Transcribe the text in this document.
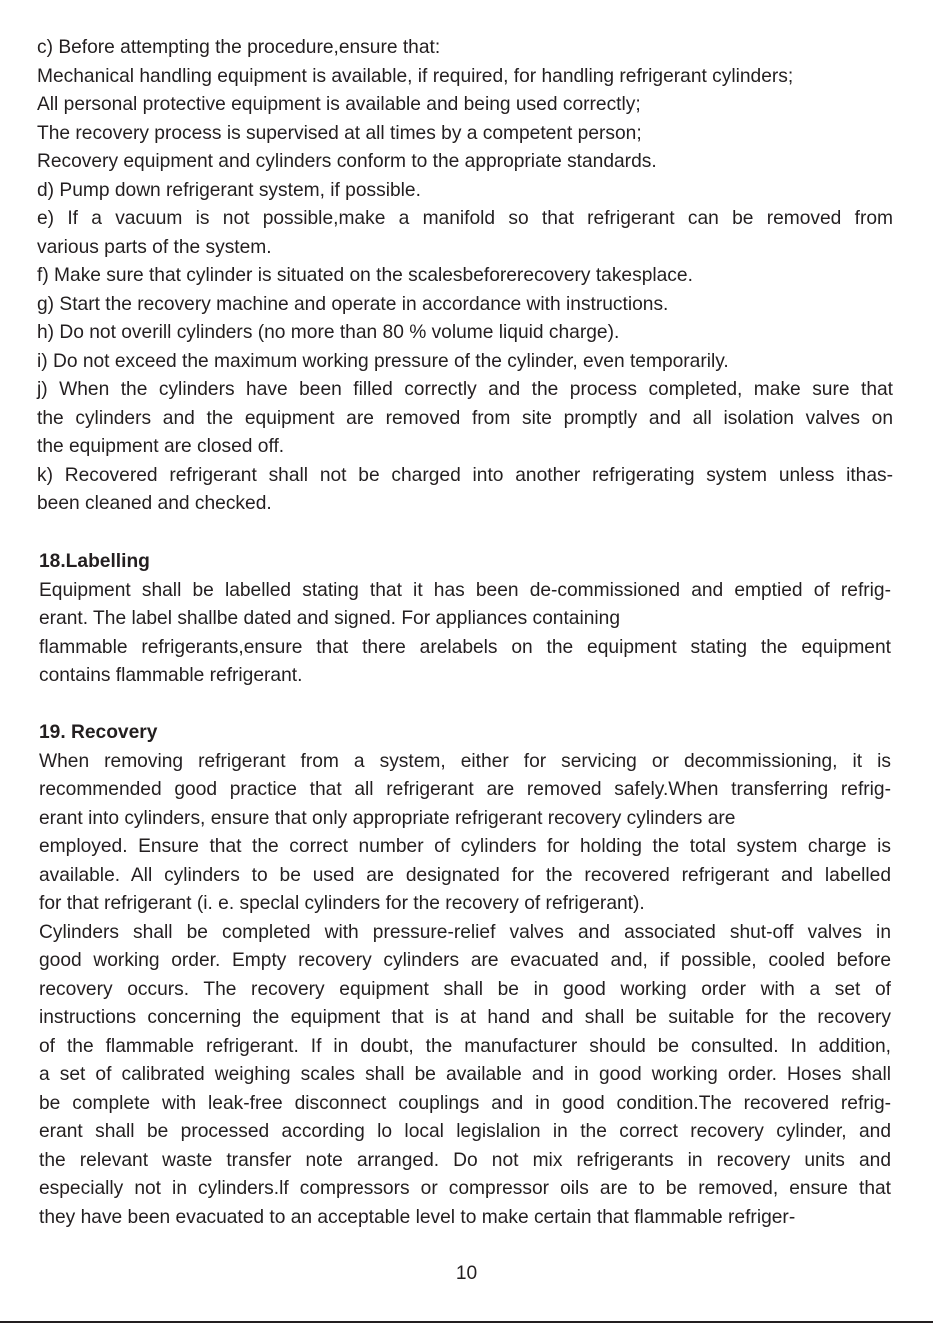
c) Before attempting the procedure,ensure that:
Mechanical handling equipment is available, if required, for handling refrigerant cylinders;
All personal protective equipment is available and being used correctly;
The recovery process is supervised at all times by a competent person;
Recovery equipment and cylinders conform to the appropriate standards.
d) Pump down refrigerant system, if possible.
e) If a vacuum is not possible,make a manifold so that refrigerant can be removed from
various parts of the system.
f) Make sure that cylinder is situated on the scalesbeforerecovery takesplace.
g) Start the recovery machine and operate in accordance with instructions.
h) Do not overill cylinders (no more than 80 % volume liquid charge).
i) Do not exceed the maximum working pressure of the cylinder, even temporarily.
j) When the cylinders have been filled correctly and the process completed, make sure that
the cylinders and the equipment are removed from site promptly and all isolation valves on
the equipment are closed off.
k) Recovered refrigerant shall not be charged into another refrigerating system unless ithas-
been cleaned and checked.
18.Labelling
Equipment shall be labelled stating that it has been de-commissioned and emptied of refrig-
erant. The label shallbe dated and signed. For appliances containing
flammable refrigerants,ensure that there arelabels on the equipment stating the equipment
contains flammable refrigerant.
19. Recovery
When removing refrigerant from a system, either for servicing or decommissioning, it is
recommended good practice that all refrigerant are removed safely.When transferring refrig-
erant into cylinders, ensure that only appropriate refrigerant recovery cylinders are
employed. Ensure that the correct number of cylinders for holding the total system charge is
available. All cylinders to be used are designated for the recovered refrigerant and labelled
for that refrigerant (i. e. speclal cylinders for the recovery of refrigerant).
Cylinders shall be completed with pressure-relief valves and associated shut-off valves in
good working order. Empty recovery cylinders are evacuated and, if possible, cooled before
recovery occurs. The recovery equipment shall be in good working order with a set of
instructions concerning the equipment that is at hand and shall be suitable for the recovery
of the flammable refrigerant. If in doubt, the manufacturer should be consulted. In addition,
a set of calibrated weighing scales shall be available and in good working order. Hoses shall
be complete with leak-free disconnect couplings and in good condition.The recovered refrig-
erant shall be processed according lo local legislalion in the correct recovery cylinder, and
the relevant waste transfer note arranged. Do not mix refrigerants in recovery units and
especially not in cylinders.lf compressors or compressor oils are to be removed, ensure that
they have been evacuated to an acceptable level to make certain that flammable refriger-
10
